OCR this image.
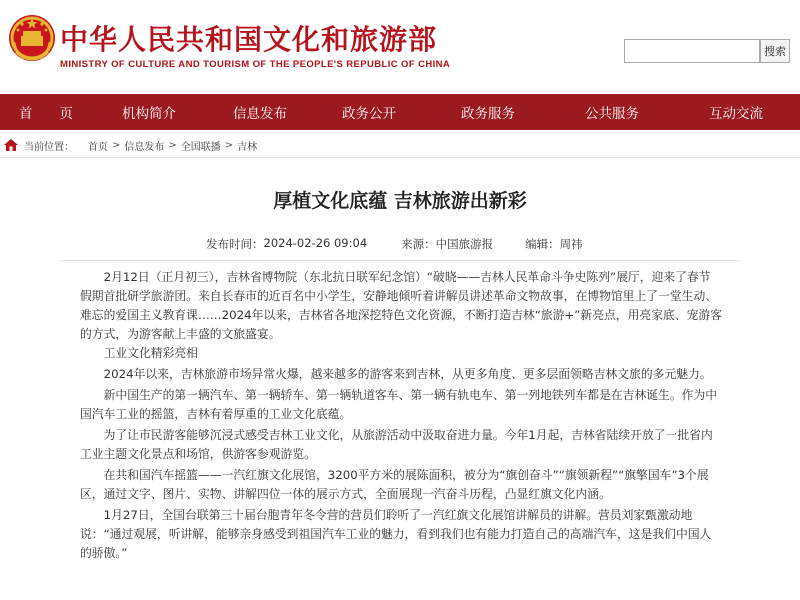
中华人民共和国文化和旅游部
MINISTRY OF CULTURE AND TOURISM OF THE PEOPLE'S REPUBLIC OF CHINA
搜索
首　　页	机构简介	信息发布	政务公开	政务服务	公共服务	互动交流
当前位置： 首页 > 信息发布 > 全国联播 > 吉林
厚植文化底蕴 吉林旅游出新彩
发布时间： 2024-02-26 09:04	来源： 中国旅游报	编辑： 周祎

2月12日（正月初三），吉林省博物院（东北抗日联军纪念馆）“破晓——吉林人民革命斗争史陈列”展厅，迎来了春节假期首批研学旅游团。来自长春市的近百名中小学生，安静地倾听着讲解员讲述革命文物故事，在博物馆里上了一堂生动、难忘的爱国主义教育课……2024年以来，吉林省各地深挖特色文化资源，不断打造吉林“旅游+”新亮点，用亮家底、宠游客的方式，为游客献上丰盛的文旅盛宴。

工业文化精彩亮相

2024年以来，吉林旅游市场异常火爆，越来越多的游客来到吉林，从更多角度、更多层面领略吉林文旅的多元魅力。

新中国生产的第一辆汽车、第一辆轿车、第一辆轨道客车、第一辆有轨电车、第一列地铁列车都是在吉林诞生。作为中国汽车工业的摇篮，吉林有着厚重的工业文化底蕴。

为了让市民游客能够沉浸式感受吉林工业文化，从旅游活动中汲取奋进力量。今年1月起，吉林省陆续开放了一批省内工业主题文化景点和场馆，供游客参观游览。

在共和国汽车摇篮——一汽红旗文化展馆，3200平方米的展陈面积，被分为“旗创奋斗”“旗领新程”“旗擎国车”3个展区，通过文字、图片、实物、讲解四位一体的展示方式，全面展现一汽奋斗历程，凸显红旗文化内涵。

1月27日，全国台联第三十届台胞青年冬令营的营员们聆听了一汽红旗文化展馆讲解员的讲解。营员刘家甄激动地说：“通过观展，听讲解，能够亲身感受到祖国汽车工业的魅力，看到我们也有能力打造自己的高端汽车，这是我们中国人的骄傲。”
